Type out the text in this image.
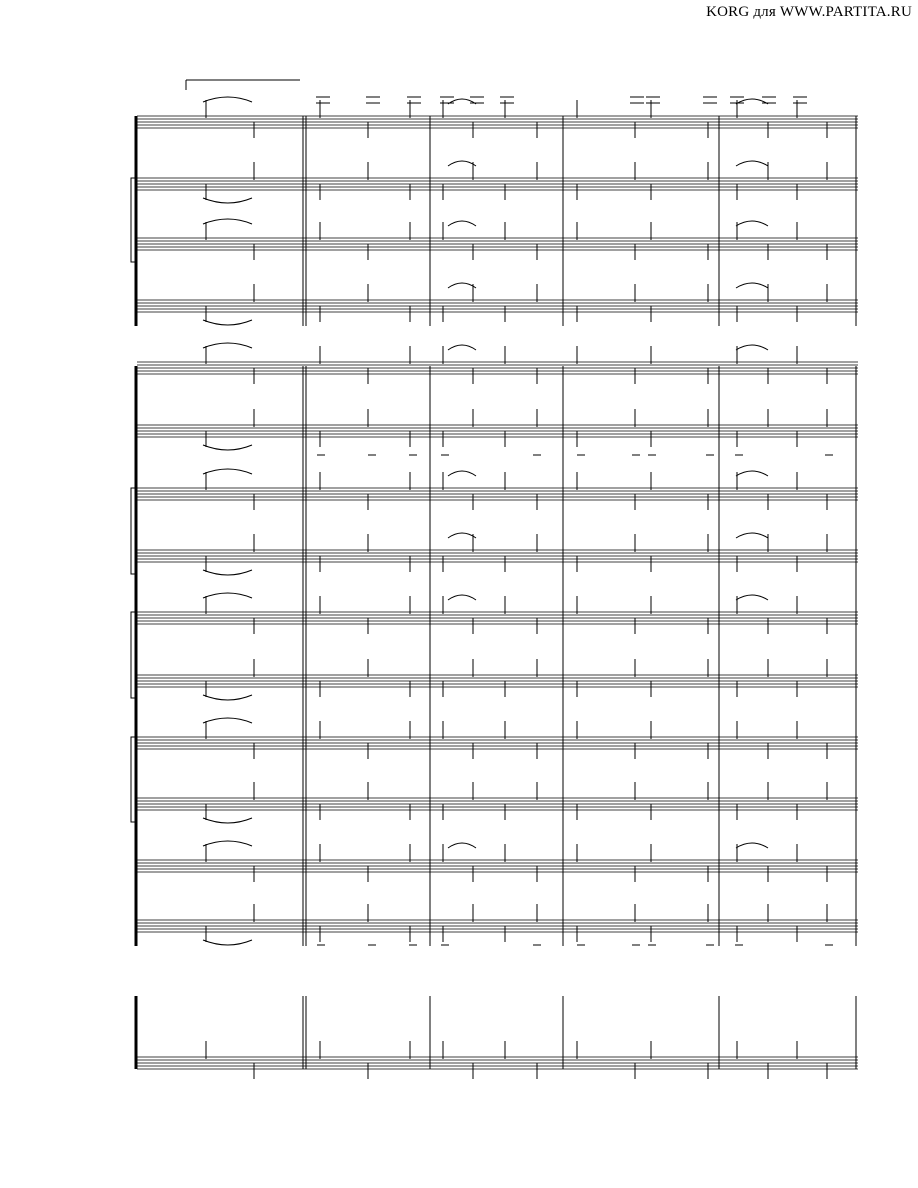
KORG для WWW.PARTITA.RU
